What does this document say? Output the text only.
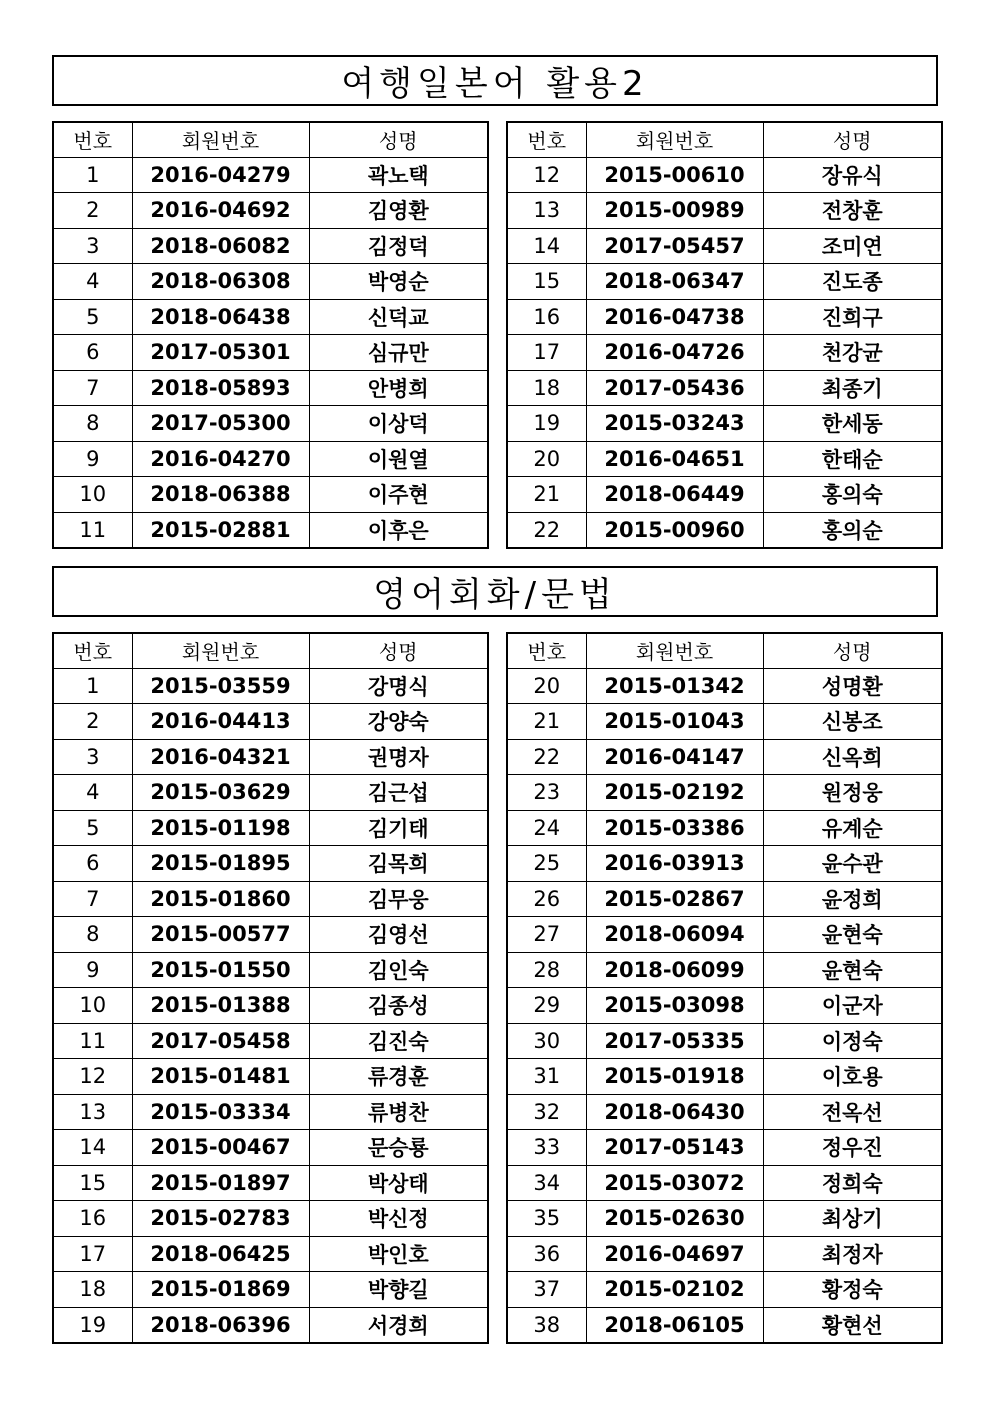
여행일본어 활용2
번호	회원번호	성명
1	2016-04279	곽노택
2	2016-04692	김영환
3	2018-06082	김정덕
4	2018-06308	박영순
5	2018-06438	신덕교
6	2017-05301	심규만
7	2018-05893	안병희
8	2017-05300	이상덕
9	2016-04270	이원열
10	2018-06388	이주현
11	2015-02881	이후은
번호	회원번호	성명
12	2015-00610	장유식
13	2015-00989	전창훈
14	2017-05457	조미연
15	2018-06347	진도종
16	2016-04738	진희구
17	2016-04726	천강균
18	2017-05436	최종기
19	2015-03243	한세동
20	2016-04651	한태순
21	2018-06449	홍의숙
22	2015-00960	홍의순
영어회화/문법
번호	회원번호	성명
1	2015-03559	강명식
2	2016-04413	강양숙
3	2016-04321	권명자
4	2015-03629	김근섭
5	2015-01198	김기태
6	2015-01895	김목희
7	2015-01860	김무웅
8	2015-00577	김영선
9	2015-01550	김인숙
10	2015-01388	김종성
11	2017-05458	김진숙
12	2015-01481	류경훈
13	2015-03334	류병찬
14	2015-00467	문승룡
15	2015-01897	박상태
16	2015-02783	박신정
17	2018-06425	박인호
18	2015-01869	박향길
19	2018-06396	서경희
번호	회원번호	성명
20	2015-01342	성명환
21	2015-01043	신봉조
22	2016-04147	신옥희
23	2015-02192	원정웅
24	2015-03386	유계순
25	2016-03913	윤수관
26	2015-02867	윤정희
27	2018-06094	윤현숙
28	2018-06099	윤현숙
29	2015-03098	이군자
30	2017-05335	이정숙
31	2015-01918	이호용
32	2018-06430	전옥선
33	2017-05143	정우진
34	2015-03072	정희숙
35	2015-02630	최상기
36	2016-04697	최정자
37	2015-02102	황정숙
38	2018-06105	황현선
